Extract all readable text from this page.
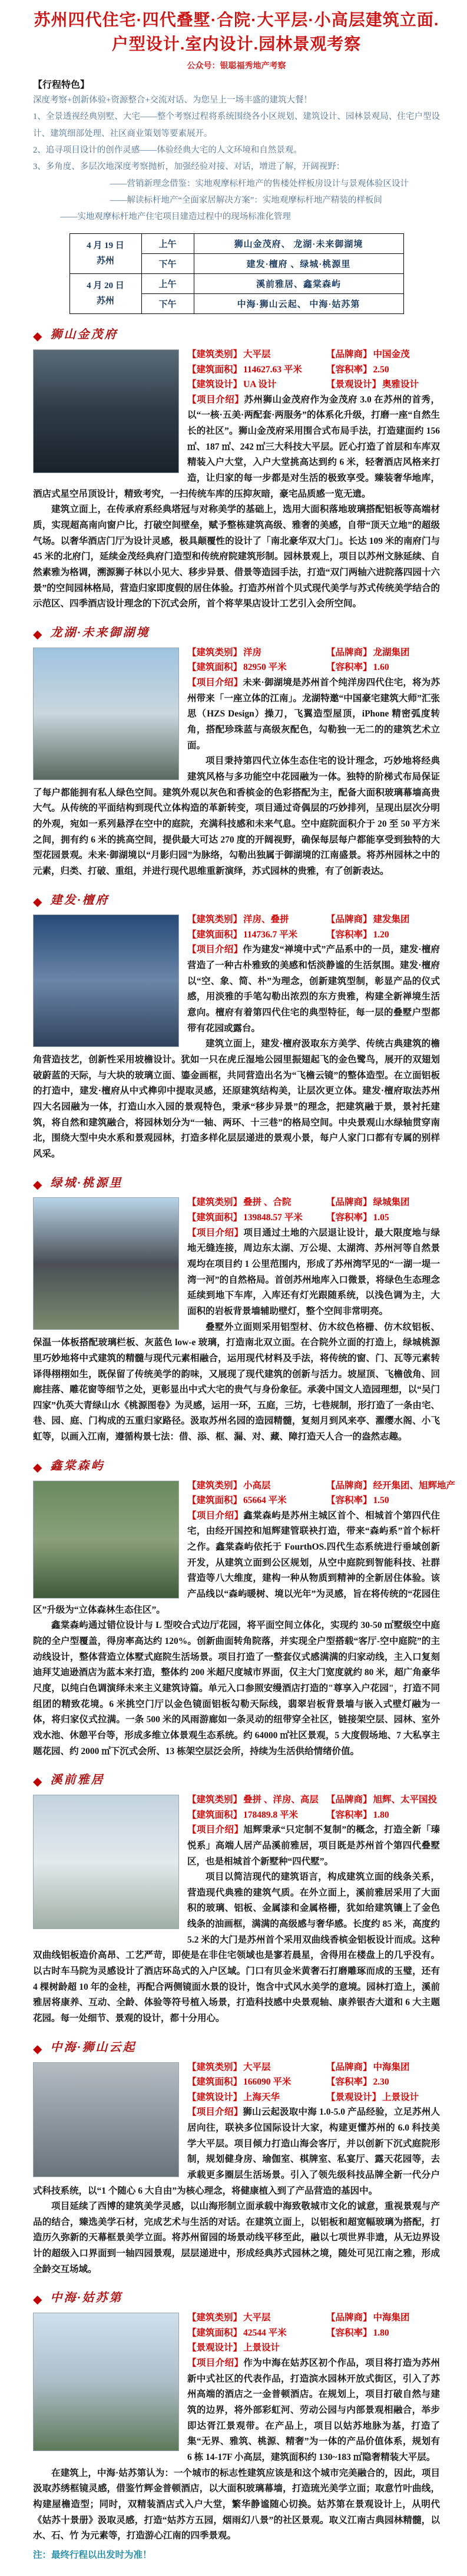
苏州四代住宅·四代叠墅·合院·大平层·小高层建筑立面.户型设计.室内设计.园林景观考察
公众号：银聪福秀地产考察
【行程特色】
深度考察+创新体验+资源整合+交流对话、为您呈上一场丰盛的建筑大餐！
1、全景透视经典别墅、大宅——整个考察过程将系统围绕各小区规划、建筑设计、园林景观局、住宅户型设计、建筑细部处理、社区商业策划等要素展开。
2、追寻项目设计的创作灵感——体验经典大宅的人文环境和自然景观。
3、多角度、多层次地深度考察抛析，加强经验对接、对话，增进了解，开阔视野：
——营销新理念借鉴：实地观摩标杆地产的售楼处样板房设计与景观体验区设计
——解读标杆地产“全面家居解决方案”：实地观摩标杆地产精装的样板间
——实地观摩标杆地产住宅项目建造过程中的现场标准化管理
4 月 19 日
苏州	上午	狮山金茂府、 龙湖·未来御湖境
	下午	建发·檀府 、绿城·桃源里

4 月 20 日
苏州	上午	溪前雅居、鑫棠森屿
	下午	中海·狮山云起、 中海·姑苏第
◆ 狮山金茂府
【建筑类别】 大平层	【品牌商】 中国金茂
【建筑面积】 114627.63 平米	【容积率】 2.50
【建筑设计】 UA 设计	【景观设计】 奥雅设计

【项目介绍】苏州狮山金茂府作为金茂府 3.0 在苏州的首秀，以“一核·五美·两配套·两服务”的体系化升级，打磨一座“自然生长的社区”。狮山金茂府采用围合式布局手法，打造建面约 156 ㎡、187 ㎡、242 ㎡三大科技大平层。匠心打造了首层和车库双精装入户大堂，入户大堂挑高达到约 6 米，轻奢酒店风格来打造，让归家的每一步都是对生活的极致享受。臻装奢华地库，酒店式星空吊顶设计，精致考究，一扫传统车库的压抑灰暗，豪宅品质感一览无遗。

建筑立面上，在传承府系经典塔冠与对称美学的基础上，选用大面积落地玻璃搭配铝板等高端材质，实现超高南向窗户比，打破空间壁垒，赋予整栋建筑高级、雅奢的美感，自带“顶天立地”的超级气场。以奢华酒店门厅为设计灵感，极具颠覆性的设计了「南北豪华双大门」。长达 109 米的南府门与 45 米的北府门，延续金茂经典府门造型和传统府院建筑形制。园林景观上，项目以苏州文脉延续、自然素雅为格调，溯源狮子林以小见大、移步异景、借景等造园手法，打造“双门两轴六进院落四园十六景”的空间园林格局，营造归家即度假的居住体验。打造苏州首个贝式现代美学与苏式传统美学结合的示范区、四季酒店设计理念的下沉式会所，首个将苹果店设计工艺引入会所空间。

◆ 龙湖·未来御湖境
【建筑类别】 洋房	【品牌商】 龙湖集团
【建筑面积】 82950 平米	【容积率】 1.60

【项目介绍】未来·御湖境是苏州首个纯洋房四代住宅，将为苏州带来「一座立体的江南」。龙湖特邀“中国豪宅建筑大师”汇张思（HZS Design）操刀，飞翼造型屋顶，iPhone 精密弧度转角，搭配珍珠蓝与高级灰配色，勾勒独一无二的的建筑艺术立面。

项目秉持第四代立体生态住宅的设计理念，巧妙地将经典建筑风格与多功能空中花园融为一体。独特的阶梯式布局保证了每户都能拥有私人绿色空间。建筑外观以灰色和香槟金的色彩搭配为主，配备大面积玻璃幕墙高贵大气。从传统的平面结构到现代立体构造的革新转变，项目通过奇偶层的巧妙排列，呈现出层次分明的外观，宛如一系列悬浮在空中的庭院，充满科技感和未来气息。空中庭院面积介于 20 至 50 平方米之间，拥有约 6 米的挑高空间，提供最大可达 270 度的开阔视野，确保每层每户都能享受到独特的大型花园景观。未来·御湖境以“月影归园”为脉络，勾勒出独属于御湖境的江南盛景。将苏州园林之中的元素，归类、打破、重组，并进行现代思维重新演绎，苏式园林的贵雅，有了创新表达。

◆ 建发·檀府
【建筑类别】 洋房、叠拼	【品牌商】 建发集团
【建筑面积】 114736.7 平米	【容积率】 1.20

【项目介绍】作为建发“禅境中式”产品系中的一员，建发·檀府营造了一种古朴雅致的美感和恬淡静谧的生活氛围。建发·檀府以“空、象、简、朴”为理念，创新建筑型制，彰显产品的仪式感，用淡雅的手笔勾勒出浓烈的东方贵雅，构建全新禅境生活意向。檀府有着第四代住宅的典型特征，每一层的叠墅户型都带有花园或露台。

建筑立面上，建发·檀府汲取东方美学、传统古典建筑的檐角营造技艺，创新性采用坡檐设计。犹如一只在虎丘湿地公园里振翅起飞的金色鹭鸟，展开的双翅划破蔚蓝的天际，与大块的玻璃立面、鎏金画框，共同营造出名为“飞檐云镜”的整体造型。在立面铝板的打造中，建发·檀府从中式榫卯中提取灵感，还原建筑结构美，让层次更立体。建发·檀府取法苏州四大名园融为一体，打造山水入园的景观特色，秉承“移步异景”的理念，把建筑融于景，景衬托建筑，将自然和建筑融合，将园林划分为“一轴、两环、十三巷”的格局空间。中央景观山水绿轴贯穿南北，围绕大型中央水系和景观园林，打造多样化层层递进的景观小景，每户人家门口都有专属的别样风采。

◆ 绿城·桃源里
【建筑类别】 叠拼 、合院	【品牌商】 绿城集团
【建筑面积】 139848.57 平米	【容积率】 1.05

【项目介绍】项目通过土地的六层退让设计，最大限度地与绿地无缝连接，周边东太湖、万公堤、太湖湾、苏州河等自然景观均在项目约 1 公里范围内，形成了苏州湾罕见的“一湖一堤一湾一河”的自然格局。首创苏州地库入口微景，将绿色生态理念延续到地下车库，入库还有灯光跟随系统，以浅色调为主，大面积的岩板背景墙辅助壁灯，整个空间非常明亮。

叠墅外立面则采用铝型材、仿木纹色格栅、仿木纹铝板、保温一体板搭配玻璃栏板、灰蓝色 low-e 玻璃，打造南北双立面。在合院外立面的打造上，绿城桃源里巧妙地将中式建筑的精髓与现代元素相融合，运用现代材料及手法，将传统的窗、门、瓦等元素转译得栩栩如生，既保留了传统美学的韵味，又展现了现代建筑的创新与活力。坡屋顶、飞檐戗角、回廊挂落、雕花窗等细节之处，更彰显出中式大宅的贵气与身份象征。承袭中国文人造园理想，以“吴门四家”仇英大青绿山水《桃源图卷》为灵感，运用一环，五庭，三坊，七巷规制，形打造了一条由宅、巷、园、庭、门构成的五重归家路径。汲取苏州名园的造园精髓，复刻月到风来亭、濯缨水阁、小飞虹等，以画入江南，遵循构景七法：借、添、框、漏、对、藏、障打造天人合一的盎然志趣。

◆ 鑫棠森屿
【建筑类别】 小高层	【品牌商】 经开集团、旭辉地产
【建筑面积】 65664 平米	【容积率】 1.50

【项目介绍】鑫棠森屿是苏州主城区首个、相城首个第四代住宅，由经开国控和旭辉建管联袂打造，带来“森屿系”首个标杆之作。鑫棠森屿依托于 FourthOS.四代生态系统进行垂域创新开发，从建筑立面到公区规划，从空中庭院到智能科技、社群营造等八大维度，建构一种从物质到精神的全新居住体验。该产品线以“森屿暖树、境以光年”为灵感，旨在将传统的“花园住区”升级为“立体森林生态住区”。

鑫棠森屿通过错位设计与 L 型咬合式边厅花园，将平面空间立体化，实现约 30-50 ㎡墅级空中庭院的全户型覆盖，得房率高达约 120%。创新曲面转角院落，并实现全户型搭载“客厅-空中庭院”的主动线设计，整体营造立体墅式庭院生活场景。项目打造了一整套仪式感满满的归家动线，主入口复刻迪拜艾迪逊酒店为蓝本来打造，整体约 200 米超尺度城市界面，仅主大门宽度就约 80 米，超广角豪华尺度，以纯白色调演绎未来主义建筑诗篇。单元入口参照安缦酒店打造的"尊享入户花园"，打造不同组团的精致花境。6 米挑空门厅以金色镜面铝板勾勒天际线，翡翠岩板背景墙与嵌入式壁灯融为一体，将归家仪式拉满。一条 500 米的风雨游廊如一条灵动的纽带穿全社区，链接架空层、园林、室外戏水池、休憩平台等，形成多维立体景观生态系统。约 64000 ㎡社区景观，5 大度假场地、7 大私享主题花园、约 2000 ㎡下沉式会所、13 栋架空层泛会所，持续为生活供给情绪价值。

◆ 溪前雅居
【建筑类别】 叠拼 、洋房、高层 【品牌商】 旭辉、太平国投
【建筑面积】 178489.8 平米	【容积率】 1.80

【项目介绍】旭辉秉承“只定制不复制”的概念，打造全新「瑧悦系」高端人居产品溪前雅居，项目既是苏州首个第四代叠墅区，也是相城首个新墅种“四代墅”。

项目以简洁现代的建筑语言，构成建筑立面的线条关系，营造现代典雅的建筑气质。在外立面上，溪前雅居采用了大面积的玻璃、铝板、金属漆和金属格栅，犹如给建筑镶上了金色线条的油画框，满满的高级感与奢华感。长度约 85 米，高度约 5.2 米的大门是苏州首个采用双曲线香槟金铝板设计而成。这种双曲线铝板造价高昂、工艺严苛，即使是在非住宅领域也是寥若晨星，舍得用在楼盘上的几乎没有。以古时车马院为灵感设计了酒店环岛式的入户区域。门口有贝金米黄奢石打磨雕琢而成的玉璧，还有 4 棵树龄超 10 年的金桂，再配合两侧镜面水景的设计，饱含中式风水美学的意境。园林打造上，溪前雅居将康养、互动、全龄、体验等符号植入场景，打造科技感中央景观轴、康养银杏大道和 6 大主题花园。每一处细节、景观的设计，都十分用心。

◆ 中海·狮山云起
【建筑类别】 大平层	【品牌商】 中海集团
【建筑面积】 166090 平米	【容积率】 2.30
【建筑设计】 上海天华	【景观设计】 上景设计

【项目介绍】狮山云起汲取中海 1.0-5.0 产品经验，立足苏州人居向往，联袂多位国际设计大家，构建更懂苏州的 6.0 科技美学大平层。项目倾力打造山海会客厅，并以创新下沉式庭院形制，规划健身房、瑜伽室、棋牌室、私宴厅、露天花园等，去承载更多圈层生活场景。引入了领先级科技品牌全新一代分户式科技系统，以“1 个随心 6 大自由”为核心理念，将健康植入到了产品营造的基因中。

项目延续了西博的建筑美学灵感，以山海形制立面承载中海致敬城市文化的诚意，重视景观与产品的结合，臻选美学石材，完成艺术与生活的对话。在建筑立面上，以铝板和超宽幅玻璃为搭配，打造历久弥新的天幕框景美学立面。将苏州留园的场景动线平移至此，融以七项世界非遗，从无边界设计的超级入口界面到一轴四园景观，层层递进中，形成经典苏式园林之境，随处可见江南之雅，形成全龄交互场域。

◆ 中海·姑苏第
【建筑类别】 大平层	【品牌商】 中海集团
【建筑面积】 42544 平米	【容积率】 1.80
【景观设计】 上景设计

【项目介绍】作为中海在姑苏区初个作品，项目将打造为苏州新中式社区的代表作品，打造滨水园林开放式街区，引入了苏州高端的酒店之一金普顿酒店。在规划上，项目打破自然与建筑的边界，将外部彩虹河、劳动公园与内部景观相融合，举步即达胥江景观带。在产品上，项目以姑苏地脉为基，打造了集“无界、雅筑、桃源、精奢”为一体的产品价值体系，规划有 6 栋 14-17F 小高层，建筑面积约 130~183 ㎡隐奢精装大平层。

在建筑上，中海·姑苏第认为：一个城市的标志性建筑应该是和这个城市完美融合的，因此，项目汲取苏绣框镜灵感，借鉴竹辉金普顿酒店，以大面积玻璃幕墙，打造琉光美学立面；取意竹叶曲线，构建屋檐造型；同时，双精装酒店式入户大堂，繁华静谧随心切换。姑苏第在景观设计上，从明代《姑苏十景册》汲取灵感，打造“姑苏方五园，烟雨幻八景”的社区景观。取义江南古典园林精髓，以水、石、竹 为元素等，打造游心江南的四季景观。

注：最终行程以出发时为准！
